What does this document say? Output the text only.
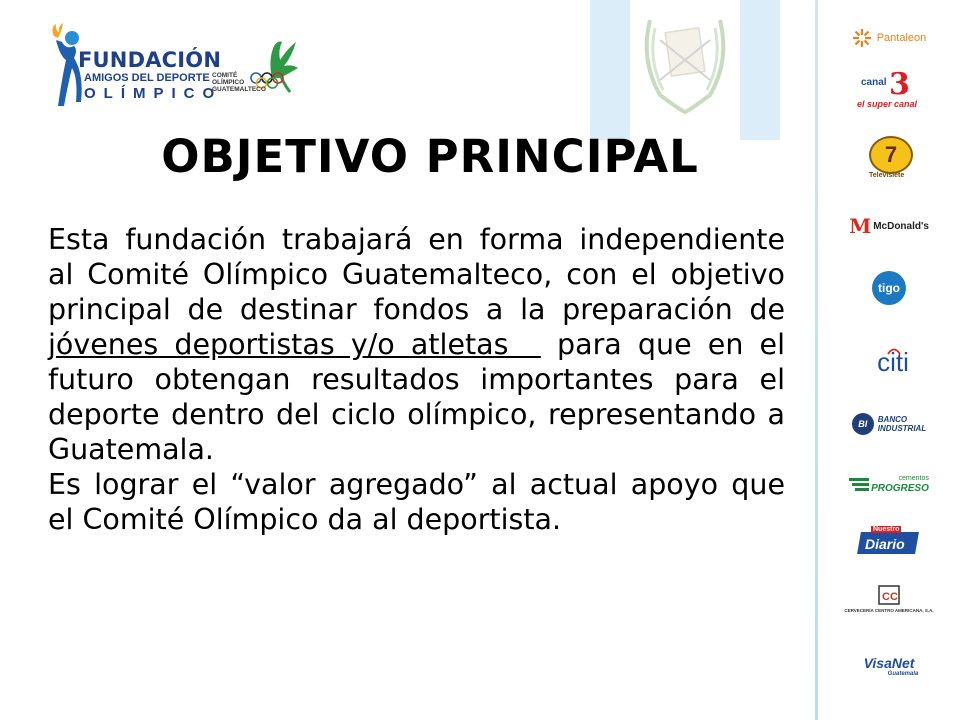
FUNDACIÓN
AMIGOS DEL DEPORTE
OLÍMPICO
COMITÉ
OLÍMPICO
GUATEMALTECO
OBJETIVO PRINCIPAL

Esta fundación trabajará en forma independiente al Comité Olímpico Guatemalteco, con el objetivo principal de destinar fondos a la preparación de jóvenes deportistas y/o atletas   para que en el futuro obtengan resultados importantes para el deporte dentro del ciclo olímpico, representando a Guatemala.

Es lograr el “valor agregado” al actual apoyo que el Comité Olímpico da al deportista.

Pantaleon
canal 3
el super canal
7
Televisiete
M McDonald's
tigo
citi
BI BANCO
INDUSTRIAL
cementos
PROGRESO
Nuestro
Diario
CC
CERVECERÍA CENTRO AMERICANA, S.A.
VisaNet
Guatemala
